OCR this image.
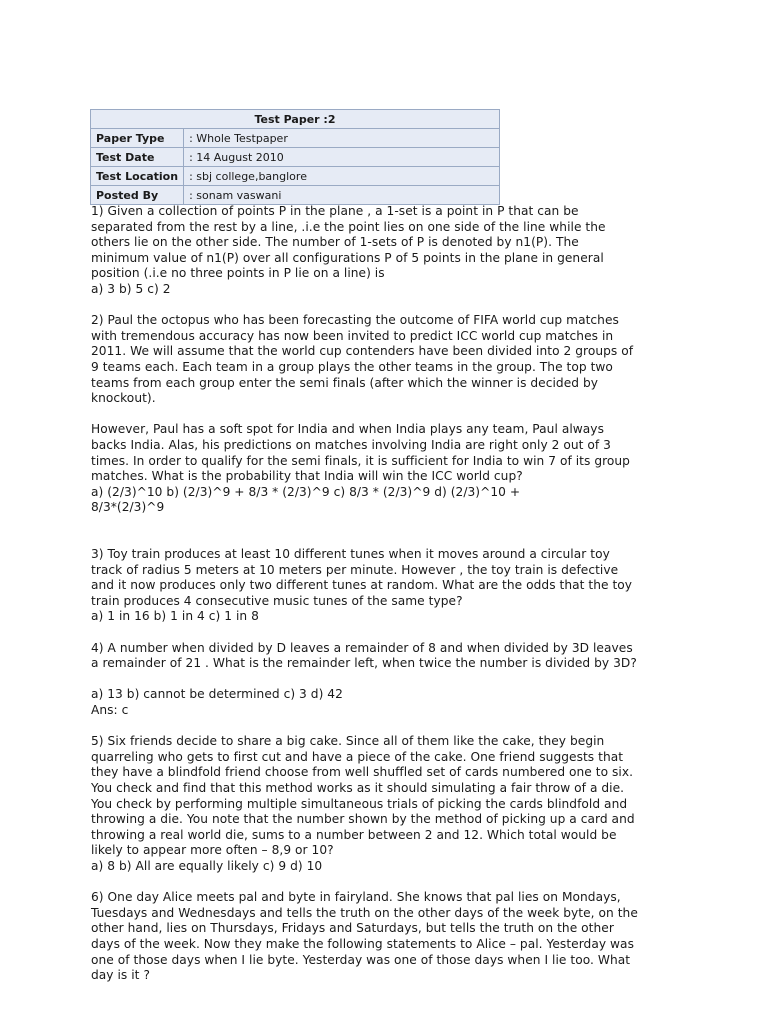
Test Paper :2	
Paper Type	: Whole Testpaper
Test Date	: 14 August 2010
Test Location	: sbj college,banglore
Posted By	: sonam vaswani

1) Given a collection of points P in the plane , a 1-set is a point in P that can be
separated from the rest by a line, .i.e the point lies on one side of the line while the
others lie on the other side. The number of 1-sets of P is denoted by n1(P). The
minimum value of n1(P) over all configurations P of 5 points in the plane in general
position (.i.e no three points in P lie on a line) is
a) 3 b) 5 c) 2

2) Paul the octopus who has been forecasting the outcome of FIFA world cup matches
with tremendous accuracy has now been invited to predict ICC world cup matches in
2011. We will assume that the world cup contenders have been divided into 2 groups of
9 teams each. Each team in a group plays the other teams in the group. The top two
teams from each group enter the semi finals (after which the winner is decided by
knockout).

However, Paul has a soft spot for India and when India plays any team, Paul always
backs India. Alas, his predictions on matches involving India are right only 2 out of 3
times. In order to qualify for the semi finals, it is sufficient for India to win 7 of its group
matches. What is the probability that India will win the ICC world cup?
a) (2/3)^10 b) (2/3)^9 + 8/3 * (2/3)^9 c) 8/3 * (2/3)^9 d) (2/3)^10 +
8/3*(2/3)^9

3) Toy train produces at least 10 different tunes when it moves around a circular toy
track of radius 5 meters at 10 meters per minute. However , the toy train is defective
and it now produces only two different tunes at random. What are the odds that the toy
train produces 4 consecutive music tunes of the same type?
a) 1 in 16 b) 1 in 4 c) 1 in 8

4) A number when divided by D leaves a remainder of 8 and when divided by 3D leaves
a remainder of 21 . What is the remainder left, when twice the number is divided by 3D?

a) 13 b) cannot be determined c) 3 d) 42
Ans: c

5) Six friends decide to share a big cake. Since all of them like the cake, they begin
quarreling who gets to first cut and have a piece of the cake. One friend suggests that
they have a blindfold friend choose from well shuffled set of cards numbered one to six.
You check and find that this method works as it should simulating a fair throw of a die.
You check by performing multiple simultaneous trials of picking the cards blindfold and
throwing a die. You note that the number shown by the method of picking up a card and
throwing a real world die, sums to a number between 2 and 12. Which total would be
likely to appear more often – 8,9 or 10?
a) 8 b) All are equally likely c) 9 d) 10

6) One day Alice meets pal and byte in fairyland. She knows that pal lies on Mondays,
Tuesdays and Wednesdays and tells the truth on the other days of the week byte, on the
other hand, lies on Thursdays, Fridays and Saturdays, but tells the truth on the other
days of the week. Now they make the following statements to Alice – pal. Yesterday was
one of those days when I lie byte. Yesterday was one of those days when I lie too. What
day is it ?
